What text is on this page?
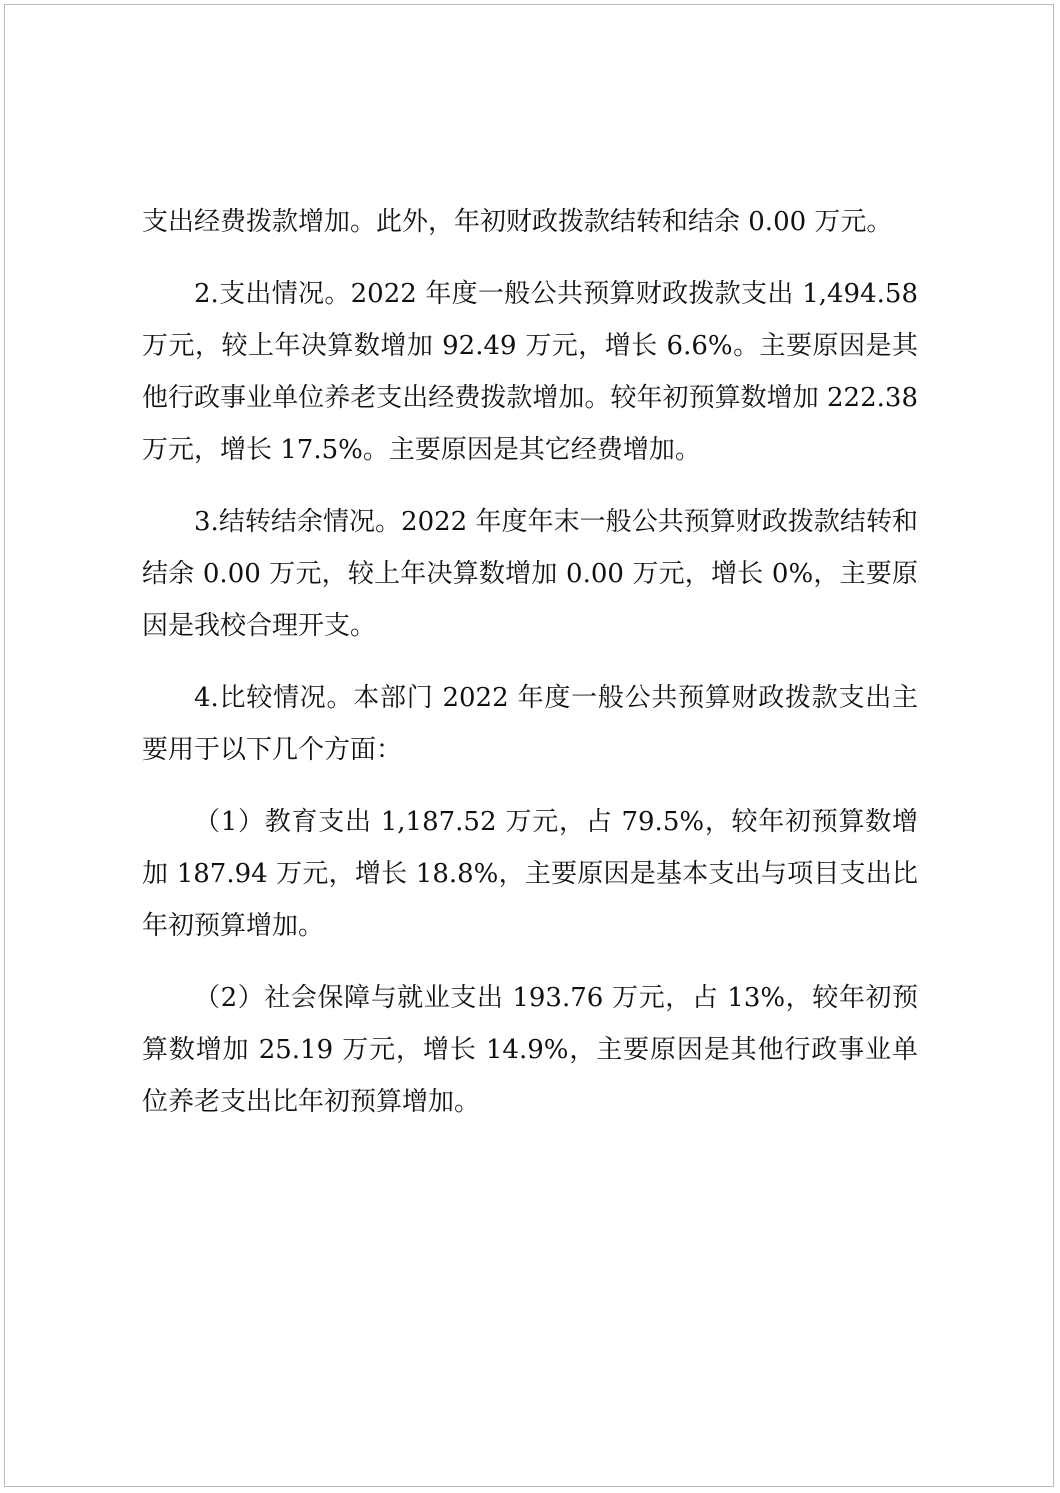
支出经费拨款增加。此外，年初财政拨款结转和结余 0.00 万元。

2.支出情况。2022 年度一般公共预算财政拨款支出 1,494.58 万元，较上年决算数增加 92.49 万元，增长 6.6%。主要原因是其他行政事业单位养老支出经费拨款增加。较年初预算数增加 222.38 万元，增长 17.5%。主要原因是其它经费增加。

3.结转结余情况。2022 年度年末一般公共预算财政拨款结转和结余 0.00 万元，较上年决算数增加 0.00 万元，增长 0%，主要原因是我校合理开支。

4.比较情况。本部门 2022 年度一般公共预算财政拨款支出主要用于以下几个方面：

（1）教育支出 1,187.52 万元，占 79.5%，较年初预算数增加 187.94 万元，增长 18.8%，主要原因是基本支出与项目支出比年初预算增加。

（2）社会保障与就业支出 193.76 万元，占 13%，较年初预算数增加 25.19 万元，增长 14.9%，主要原因是其他行政事业单位养老支出比年初预算增加。
